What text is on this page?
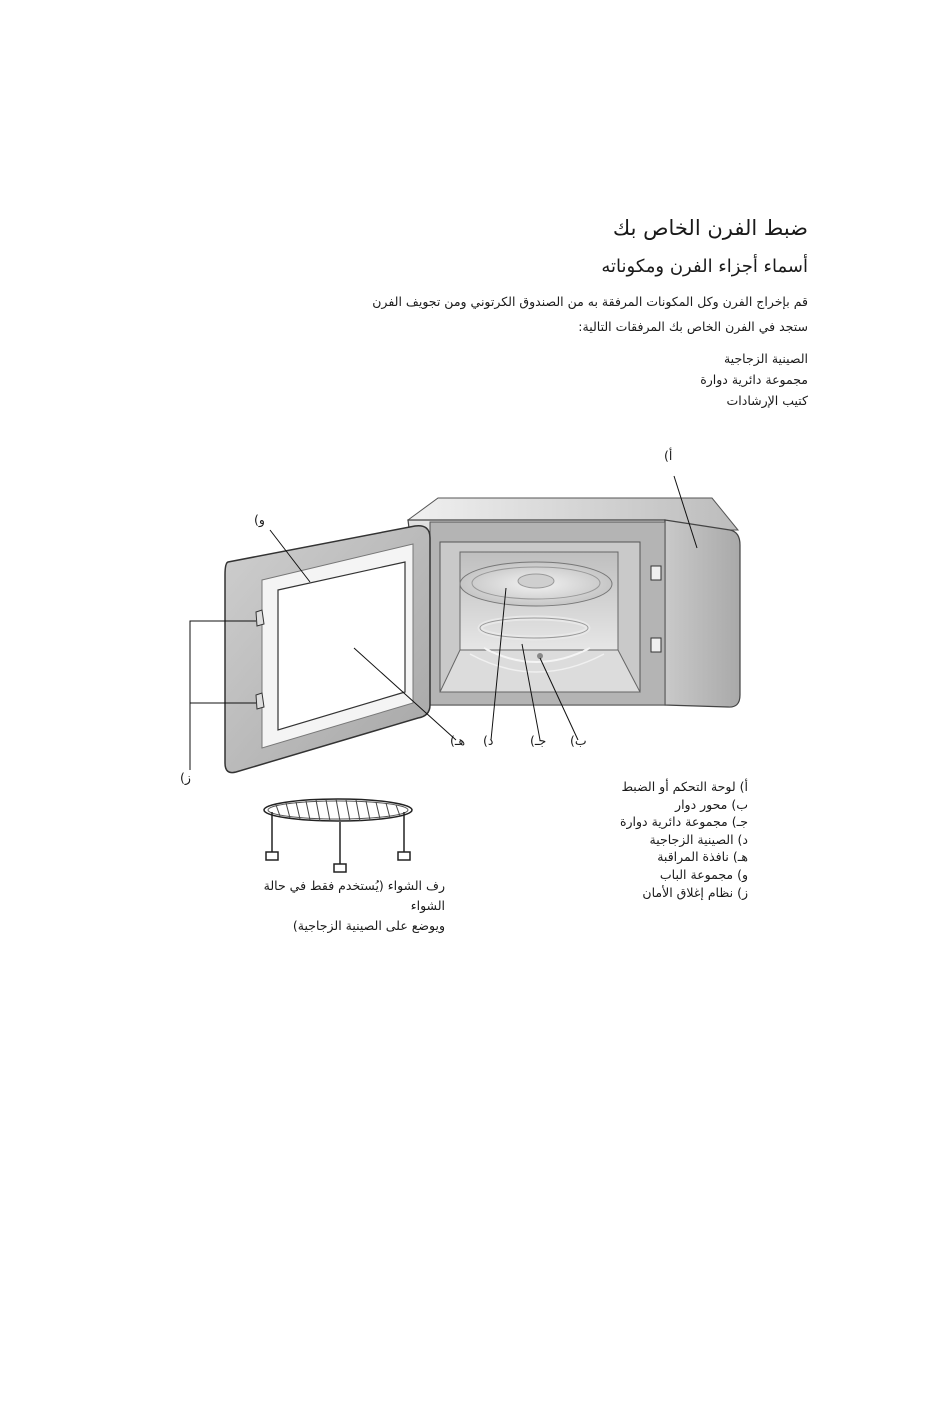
ضبط الفرن الخاص بك
أسماء أجزاء الفرن ومكوناته
قم بإخراج الفرن وكل المكونات المرفقة به من الصندوق الكرتوني ومن تجويف الفرن
ستجد في الفرن الخاص بك المرفقات التالية:
الصينية الزجاجية
مجموعة دائرية دوارة
كتيب الإرشادات
أ)
و)
هـ) د)	جـ) ب)
ز)
أ) لوحة التحكم أو الضبط
ب) محور دوار
جـ) مجموعة دائرية دوارة
د) الصينية الزجاجية
هـ) نافذة المراقبة
و) مجموعة الباب
ز) نظام إغلاق الأمان
رف الشواء (يُستخدم فقط في حالة الشواء
ويوضع على الصينية الزجاجية)
